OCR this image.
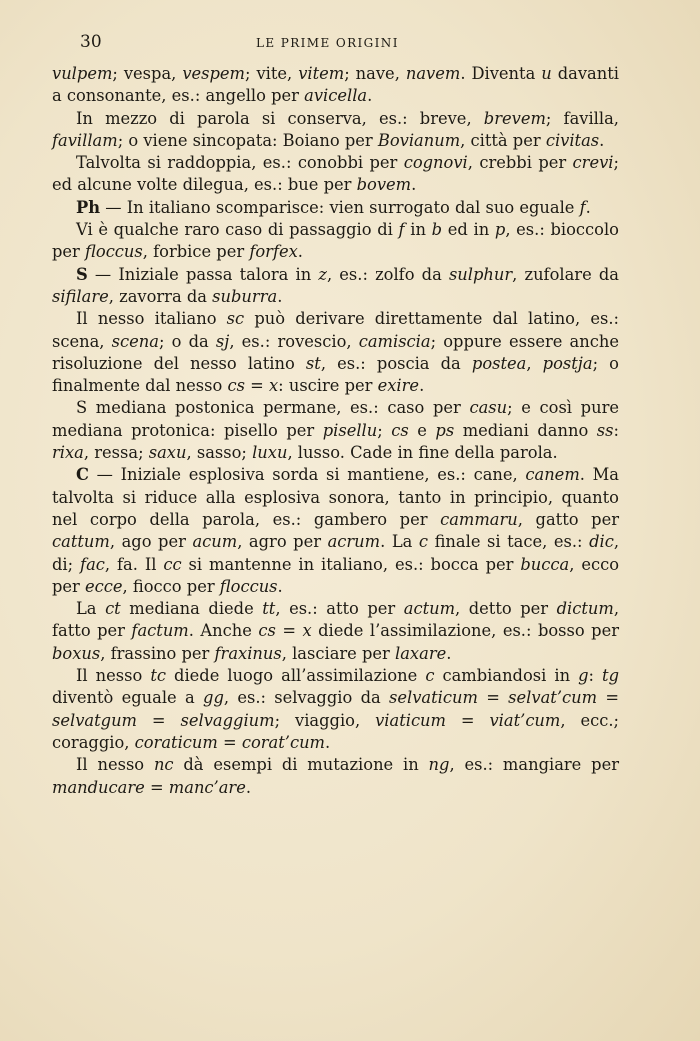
30	LE PRIME ORIGINI

vulpem; vespa, vespem; vite, vitem; nave, navem. Diventa u davanti a consonante, es.: angello per avicella.

In mezzo di parola si conserva, es.: breve, brevem; favilla, favillam; o viene sincopata: Boiano per Bovianum, città per civitas.

Talvolta si raddoppia, es.: conobbi per cognovi, crebbi per crevi; ed alcune volte dilegua, es.: bue per bovem.

Ph — In italiano scomparisce: vien surrogato dal suo eguale f.

Vi è qualche raro caso di passaggio di f in b ed in p, es.: bioccolo per floccus, forbice per forfex.

S — Iniziale passa talora in z, es.: zolfo da sulphur, zufolare da sifilare, zavorra da suburra.

Il nesso italiano sc può derivare direttamente dal latino, es.: scena, scena; o da sj, es.: rovescio, camiscia; oppure essere anche risoluzione del nesso latino st, es.: poscia da postea, postja; o finalmente dal nesso cs = x: uscire per exire.

S mediana postonica permane, es.: caso per casu; e così pure mediana protonica: pisello per pisellu; cs e ps mediani danno ss: rixa, ressa; saxu, sasso; luxu, lusso. Cade in fine della parola.

C — Iniziale esplosiva sorda si mantiene, es.: cane, canem. Ma talvolta si riduce alla esplosiva sonora, tanto in principio, quanto nel corpo della parola, es.: gambero per cammaru, gatto per cattum, ago per acum, agro per acrum. La c finale si tace, es.: dic, di; fac, fa. Il cc si mantenne in italiano, es.: bocca per bucca, ecco per ecce, fiocco per floccus.

La ct mediana diede tt, es.: atto per actum, detto per dictum, fatto per factum. Anche cs = x diede l’assimilazione, es.: bosso per boxus, frassino per fraxinus, lasciare per laxare.

Il nesso tc diede luogo all’assimilazione c cambiandosi in g: tg diventò eguale a gg, es.: selvaggio da selvaticum = selvat’cum = selvatgum = selvaggium; viaggio, viaticum = viat’cum, ecc.; coraggio, coraticum = corat’cum.

Il nesso nc dà esempi di mutazione in ng, es.: mangiare per manducare = manc’are.
